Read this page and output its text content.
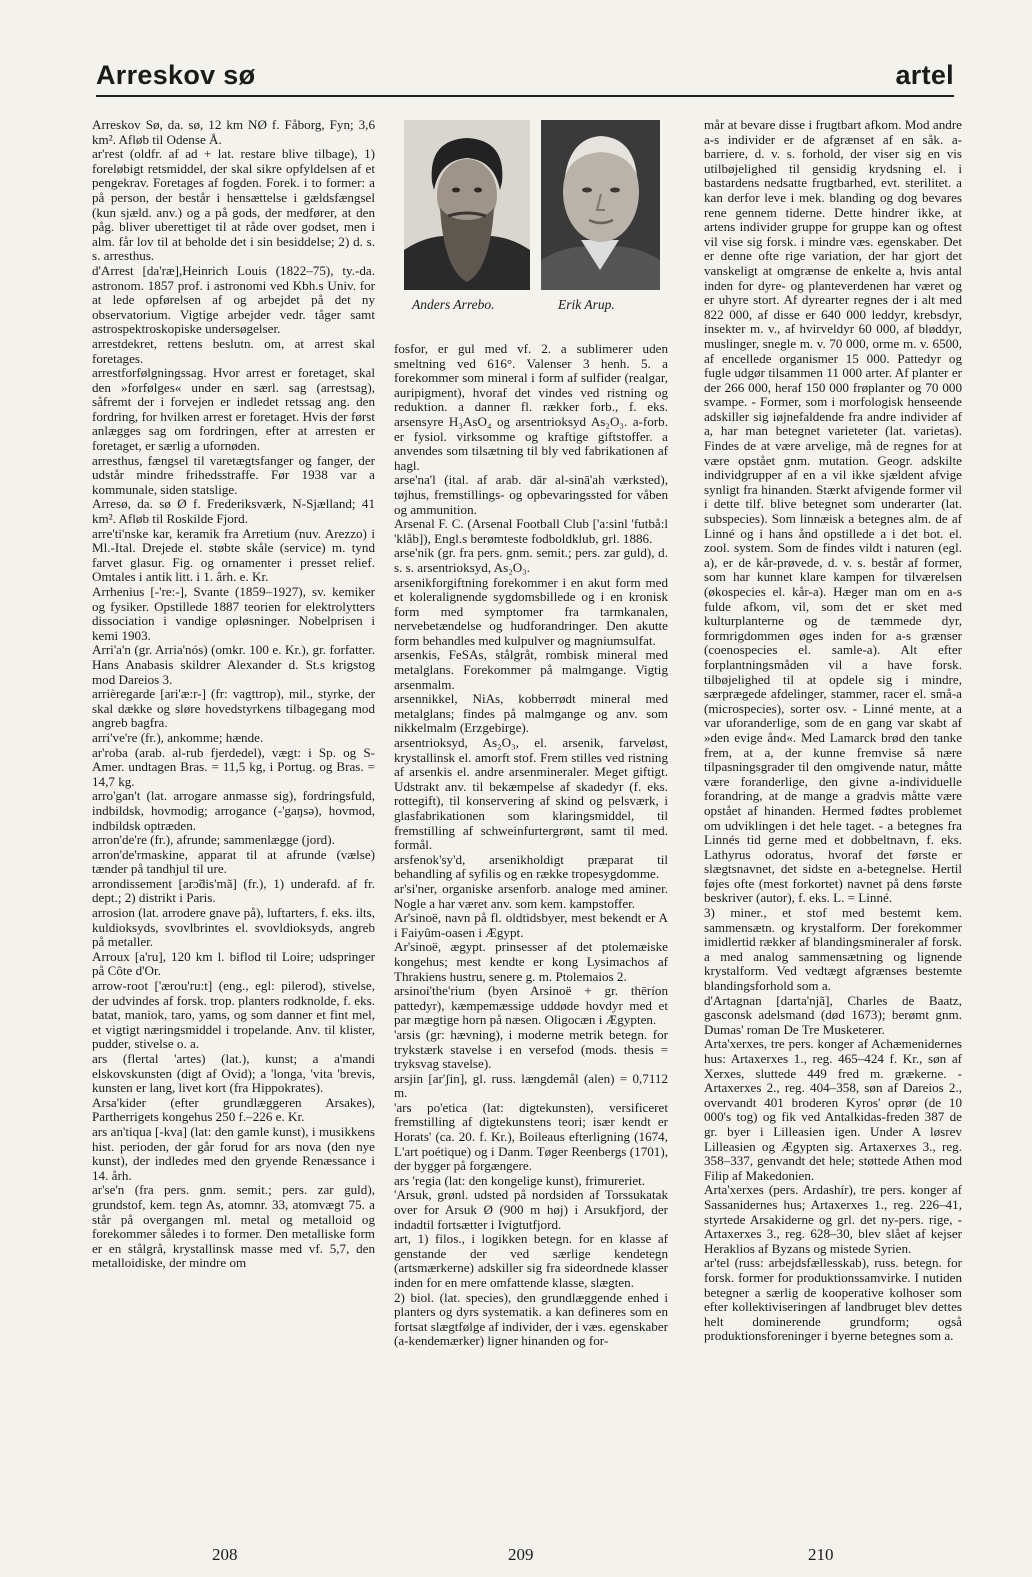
Arreskov sø	artel
Anders Arrebo.	Erik Arup.

Arreskov Sø, da. sø, 12 km NØ f. Fåborg, Fyn; 3,6 km². Afløb til Odense Å.

ar'rest (oldfr. af ad + lat. restare blive tilbage), 1) foreløbigt retsmiddel, der skal sikre opfyldelsen af et pengekrav. Foretages af fogden. Forek. i to former: a på person, der består i hensættelse i gældsfængsel (kun sjæld. anv.) og a på gods, der medfører, at den påg. bliver uberettiget til at råde over godset, men i alm. får lov til at beholde det i sin besiddelse; 2) d. s. s. arresthus.

d'Arrest [da'ræ],Heinrich Louis (1822–75), ty.-da. astronom. 1857 prof. i astronomi ved Kbh.s Univ. for at lede opførelsen af og arbejdet på det ny observatorium. Vigtige arbejder vedr. tåger samt astrospektroskopiske undersøgelser.

arrestdekret, rettens beslutn. om, at arrest skal foretages.

arrestforfølgningssag. Hvor arrest er foretaget, skal den »forfølges« under en særl. sag (arrestsag), såfremt der i forvejen er indledet retssag ang. den fordring, for hvilken arrest er foretaget. Hvis der først anlægges sag om fordringen, efter at arresten er foretaget, er særlig a ufornøden.

arresthus, fængsel til varetægtsfanger og fanger, der udstår mindre frihedsstraffe. Før 1938 var a kommunale, siden statslige.

Arresø, da. sø Ø f. Frederiksværk, N-Sjælland; 41 km². Afløb til Roskilde Fjord.

arre'ti'nske kar, keramik fra Arretium (nuv. Arezzo) i Ml.-Ital. Drejede el. støbte skåle (service) m. tynd farvet glasur. Fig. og ornamenter i presset relief. Omtales i antik litt. i 1. årh. e. Kr.

Arrhenius [-'re:-], Svante (1859–1927), sv. kemiker og fysiker. Opstillede 1887 teorien for elektrolytters dissociation i vandige opløsninger. Nobelprisen i kemi 1903.

Arri'a'n (gr. Arria'nós) (omkr. 100 e. Kr.), gr. forfatter. Hans Anabasis skildrer Alexander d. St.s krigstog mod Dareios 3.

arrièregarde [ari'æ:r-] (fr: vagttrop), mil., styrke, der skal dække og sløre hovedstyrkens tilbagegang mod angreb bagfra.

arri've're (fr.), ankomme; hænde.

ar'roba (arab. al-rub fjerdedel), vægt: i Sp. og S-Amer. undtagen Bras. = 11,5 kg, i Portug. og Bras. = 14,7 kg.

arro'gan't (lat. arrogare anmasse sig), fordringsfuld, indbildsk, hovmodig; arrogance (-'gaŋsə), hovmod, indbildsk optræden.

arron'de're (fr.), afrunde; sammenlægge (jord).

arron'de'rmaskine, apparat til at afrunde (vælse) tænder på tandhjul til ure.

arrondissement [arɔ̃dis'mã] (fr.), 1) underafd. af fr. dept.; 2) distrikt i Paris.

arrosion (lat. arrodere gnave på), luftarters, f. eks. ilts, kuldioksyds, svovlbrintes el. svovldioksyds, angreb på metaller.

Arroux [a'ru], 120 km l. biflod til Loire; udspringer på Côte d'Or.

arrow-root ['ærou'ru:t] (eng., egl: pilerod), stivelse, der udvindes af forsk. trop. planters rodknolde, f. eks. batat, maniok, taro, yams, og som danner et fint mel, et vigtigt næringsmiddel i tropelande. Anv. til klister, pudder, stivelse o. a.

ars (flertal 'artes) (lat.), kunst; a a'mandi elskovskunsten (digt af Ovid); a 'longa, 'vita 'brevis, kunsten er lang, livet kort (fra Hippokrates).

Arsa'kider (efter grundlæggeren Arsakes), Partherrigets kongehus 250 f.–226 e. Kr.

ars an'tiqua [-kva] (lat: den gamle kunst), i musikkens hist. perioden, der går forud for ars nova (den nye kunst), der indledes med den gryende Renæssance i 14. årh.

ar'se'n (fra pers. gnm. semit.; pers. zar guld), grundstof, kem. tegn As, atomnr. 33, atomvægt 75. a står på overgangen ml. metal og metalloid og forekommer således i to former. Den metalliske form er en stålgrå, krystallinsk masse med vf. 5,7, den metalloidiske, der mindre om

fosfor, er gul med vf. 2. a sublimerer uden smeltning ved 616°. Valenser 3 henh. 5. a forekommer som mineral i form af sulfider (realgar, auripigment), hvoraf det vindes ved ristning og reduktion. a danner fl. rækker forb., f. eks. arsensyre H₃AsO₄ og arsentrioksyd As₂O₃. a-forb. er fysiol. virksomme og kraftige giftstoffer. a anvendes som tilsætning til bly ved fabrikationen af hagl.

arse'na'l (ital. af arab. dār al-sinā'ah værksted), tøjhus, fremstillings- og opbevaringssted for våben og ammunition.

Arsenal F. C. (Arsenal Football Club ['a:sinl 'futbå:l 'klåb]), Engl.s berømteste fodboldklub, grl. 1886.

arse'nik (gr. fra pers. gnm. semit.; pers. zar guld), d. s. s. arsentrioksyd, As₂O₃.

arsenikforgiftning forekommer i en akut form med et koleralignende sygdomsbillede og i en kronisk form med symptomer fra tarmkanalen, nervebetændelse og hudforandringer. Den akutte form behandles med kulpulver og magniumsulfat.

arsenkis, FeSAs, stålgråt, rombisk mineral med metalglans. Forekommer på malmgange. Vigtig arsenmalm.

arsennikkel, NiAs, kobberrødt mineral med metalglans; findes på malmgange og anv. som nikkelmalm (Erzgebirge).

arsentrioksyd, As₂O₃, el. arsenik, farveløst, krystallinsk el. amorft stof. Frem stilles ved ristning af arsenkis el. andre arsenmineraler. Meget giftigt. Udstrakt anv. til bekæmpelse af skadedyr (f. eks. rottegift), til konservering af skind og pelsværk, i glasfabrikationen som klaringsmiddel, til fremstilling af schweinfurtergrønt, samt til med. formål.

arsfenok'sy'd, arsenikholdigt præparat til behandling af syfilis og en række tropesygdomme.

ar'si'ner, organiske arsenforb. analoge med aminer. Nogle a har været anv. som kem. kampstoffer.

Ar'sinoë, navn på fl. oldtidsbyer, mest bekendt er A i Faiyûm-oasen i Ægypt.

Ar'sinoë, ægypt. prinsesser af det ptolemæiske kongehus; mest kendte er kong Lysimachos af Thrakiens hustru, senere g. m. Ptolemaios 2.

arsinoi'the'rium (byen Arsinoë + gr. thēríon pattedyr), kæmpemæssige uddøde hovdyr med et par mægtige horn på næsen. Oligocæn i Ægypten.

'arsis (gr: hævning), i moderne metrik betegn. for trykstærk stavelse i en versefod (mods. thesis = tryksvag stavelse).

arsjin [ar'ʃin], gl. russ. længdemål (alen) = 0,7112 m.

'ars po'etica (lat: digtekunsten), versificeret fremstilling af digtekunstens teori; især kendt er Horats' (ca. 20. f. Kr.), Boileaus efterligning (1674, L'art poétique) og i Danm. Tøger Reenbergs (1701), der bygger på forgængere.

ars 'regia (lat: den kongelige kunst), frimureriet.

'Arsuk, grønl. udsted på nordsiden af Torssukatak over for Arsuk Ø (900 m høj) i Arsukfjord, der indadtil fortsætter i Ivigtutfjord.

art, 1) filos., i logikken betegn. for en klasse af genstande der ved særlige kendetegn (artsmærkerne) adskiller sig fra sideordnede klasser inden for en mere omfattende klasse, slægten.

2) biol. (lat. species), den grundlæggende enhed i planters og dyrs systematik. a kan defineres som en fortsat slægtfølge af individer, der i væs. egenskaber (a-kendemærker) ligner hinanden og for-

mår at bevare disse i frugtbart afkom. Mod andre a-s individer er de afgrænset af en såk. a-barriere, d. v. s. forhold, der viser sig en vis utilbøjelighed til gensidig krydsning el. i bastardens nedsatte frugtbarhed, evt. sterilitet. a kan derfor leve i mek. blanding og dog bevares rene gennem tiderne. Dette hindrer ikke, at artens individer gruppe for gruppe kan og oftest vil vise sig forsk. i mindre væs. egenskaber. Det er denne ofte rige variation, der har gjort det vanskeligt at omgrænse de enkelte a, hvis antal inden for dyre- og planteverdenen har været og er uhyre stort. Af dyrearter regnes der i alt med 822 000, af disse er 640 000 leddyr, krebsdyr, insekter m. v., af hvirveldyr 60 000, af bløddyr, muslinger, snegle m. v. 70 000, orme m. v. 6500, af encellede organismer 15 000. Pattedyr og fugle udgør tilsammen 11 000 arter. Af planter er der 266 000, heraf 150 000 frøplanter og 70 000 svampe. - Former, som i morfologisk henseende adskiller sig iøjnefaldende fra andre individer af a, har man betegnet varieteter (lat. varietas). Findes de at være arvelige, må de regnes for at være opstået gnm. mutation. Geogr. adskilte individgrupper af en a vil ikke sjældent afvige synligt fra hinanden. Stærkt afvigende former vil i dette tilf. blive betegnet som underarter (lat. subspecies). Som linnæisk a betegnes alm. de af Linné og i hans ånd opstillede a i det bot. el. zool. system. Som de findes vildt i naturen (egl. a), er de kår-prøvede, d. v. s. består af former, som har kunnet klare kampen for tilværelsen (økospecies el. kår-a). Hæger man om en a-s fulde afkom, vil, som det er sket med kulturplanterne og de tæmmede dyr, formrigdommen øges inden for a-s grænser (coenospecies el. samle-a). Alt efter forplantningsmåden vil a have forsk. tilbøjelighed til at opdele sig i mindre, særprægede afdelinger, stammer, racer el. små-a (microspecies), sorter osv. - Linné mente, at a var uforanderlige, som de en gang var skabt af »den evige ånd«. Med Lamarck brød den tanke frem, at a, der kunne fremvise så nære tilpasningsgrader til den omgivende natur, måtte være foranderlige, den givne a-individuelle forandring, at de mange a gradvis måtte være opstået af hinanden. Hermed fødtes problemet om udviklingen i det hele taget. - a betegnes fra Linnés tid gerne med et dobbeltnavn, f. eks. Lathyrus odoratus, hvoraf det første er slægtsnavnet, det sidste en a-betegnelse. Hertil føjes ofte (mest forkortet) navnet på dens første beskriver (autor), f. eks. L. = Linné.

3) miner., et stof med bestemt kem. sammensætn. og krystalform. Der forekommer imidlertid rækker af blandingsmineraler af forsk. a med analog sammensætning og lignende krystalform. Ved vedtægt afgrænses bestemte blandingsforhold som a.

d'Artagnan [darta'njã], Charles de Baatz, gasconsk adelsmand (død 1673); berømt gnm. Dumas' roman De Tre Musketerer.

Arta'xerxes, tre pers. konger af Achæmenidernes hus: Artaxerxes 1., reg. 465–424 f. Kr., søn af Xerxes, sluttede 449 fred m. grækerne. - Artaxerxes 2., reg. 404–358, søn af Dareios 2., overvandt 401 broderen Kyros' oprør (de 10 000's tog) og fik ved Antalkidas-freden 387 de gr. byer i Lilleasien igen. Under A løsrev Lilleasien og Ægypten sig. Artaxerxes 3., reg. 358–337, genvandt det hele; støttede Athen mod Filip af Makedonien.

Arta'xerxes (pers. Ardashír), tre pers. konger af Sassanidernes hus; Artaxerxes 1., reg. 226–41, styrtede Arsakiderne og grl. det ny-pers. rige, - Artaxerxes 3., reg. 628–30, blev slået af kejser Heraklios af Byzans og mistede Syrien.

ar'tel (russ: arbejdsfællesskab), russ. betegn. for forsk. former for produktionssamvirke. I nutiden betegner a særlig de kooperative kolhoser som efter kollektiviseringen af landbruget blev dettes helt dominerende grundform; også produktionsforeninger i byerne betegnes som a.

208	209	210
